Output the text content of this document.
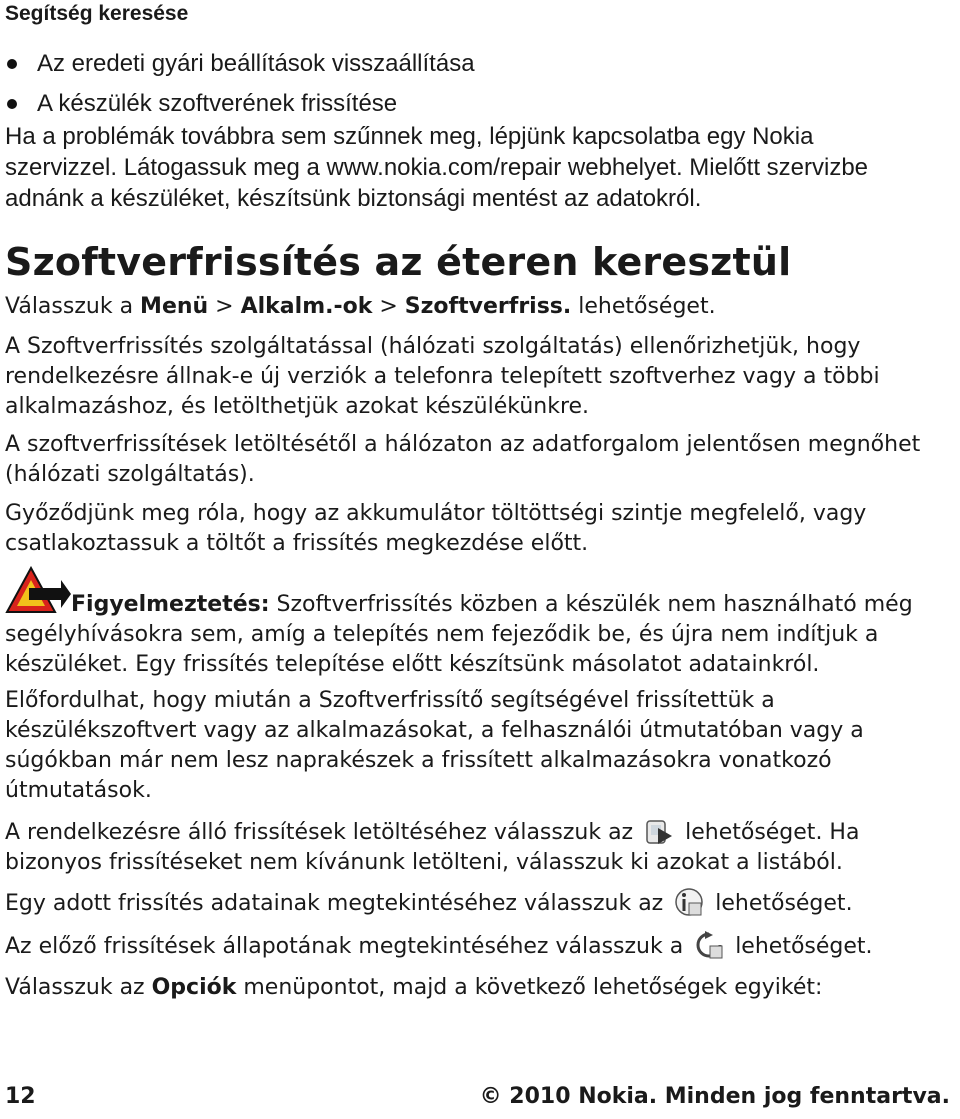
Segítség keresése
Az eredeti gyári beállítások visszaállítása
A készülék szoftverének frissítése
Ha a problémák továbbra sem szűnnek meg, lépjünk kapcsolatba egy Nokia
szervizzel. Látogassuk meg a www.nokia.com/repair webhelyet. Mielőtt szervizbe
adnánk a készüléket, készítsünk biztonsági mentést az adatokról.
Szoftverfrissítés az éteren keresztül
Válasszuk a Menü > Alkalm.-ok > Szoftverfriss. lehetőséget.
A Szoftverfrissítés szolgáltatással (hálózati szolgáltatás) ellenőrizhetjük, hogy
rendelkezésre állnak-e új verziók a telefonra telepített szoftverhez vagy a többi
alkalmazáshoz, és letölthetjük azokat készülékünkre.
A szoftverfrissítések letöltésétől a hálózaton az adatforgalom jelentősen megnőhet
(hálózati szolgáltatás).
Győződjünk meg róla, hogy az akkumulátor töltöttségi szintje megfelelő, vagy
csatlakoztassuk a töltőt a frissítés megkezdése előtt.
Figyelmeztetés: Szoftverfrissítés közben a készülék nem használható még
segélyhívásokra sem, amíg a telepítés nem fejeződik be, és újra nem indítjuk a
készüléket. Egy frissítés telepítése előtt készítsünk másolatot adatainkról.
Előfordulhat, hogy miután a Szoftverfrissítő segítségével frissítettük a
készülékszoftvert vagy az alkalmazásokat, a felhasználói útmutatóban vagy a
súgókban már nem lesz naprakészek a frissített alkalmazásokra vonatkozó
útmutatások.
A rendelkezésre álló frissítések letöltéséhez válasszuk az  lehetőséget. Ha
bizonyos frissítéseket nem kívánunk letölteni, válasszuk ki azokat a listából.
Egy adott frissítés adatainak megtekintéséhez válasszuk az  lehetőséget.
Az előző frissítések állapotának megtekintéséhez válasszuk a  lehetőséget.
Válasszuk az Opciók menüpontot, majd a következő lehetőségek egyikét:
12	© 2010 Nokia. Minden jog fenntartva.
